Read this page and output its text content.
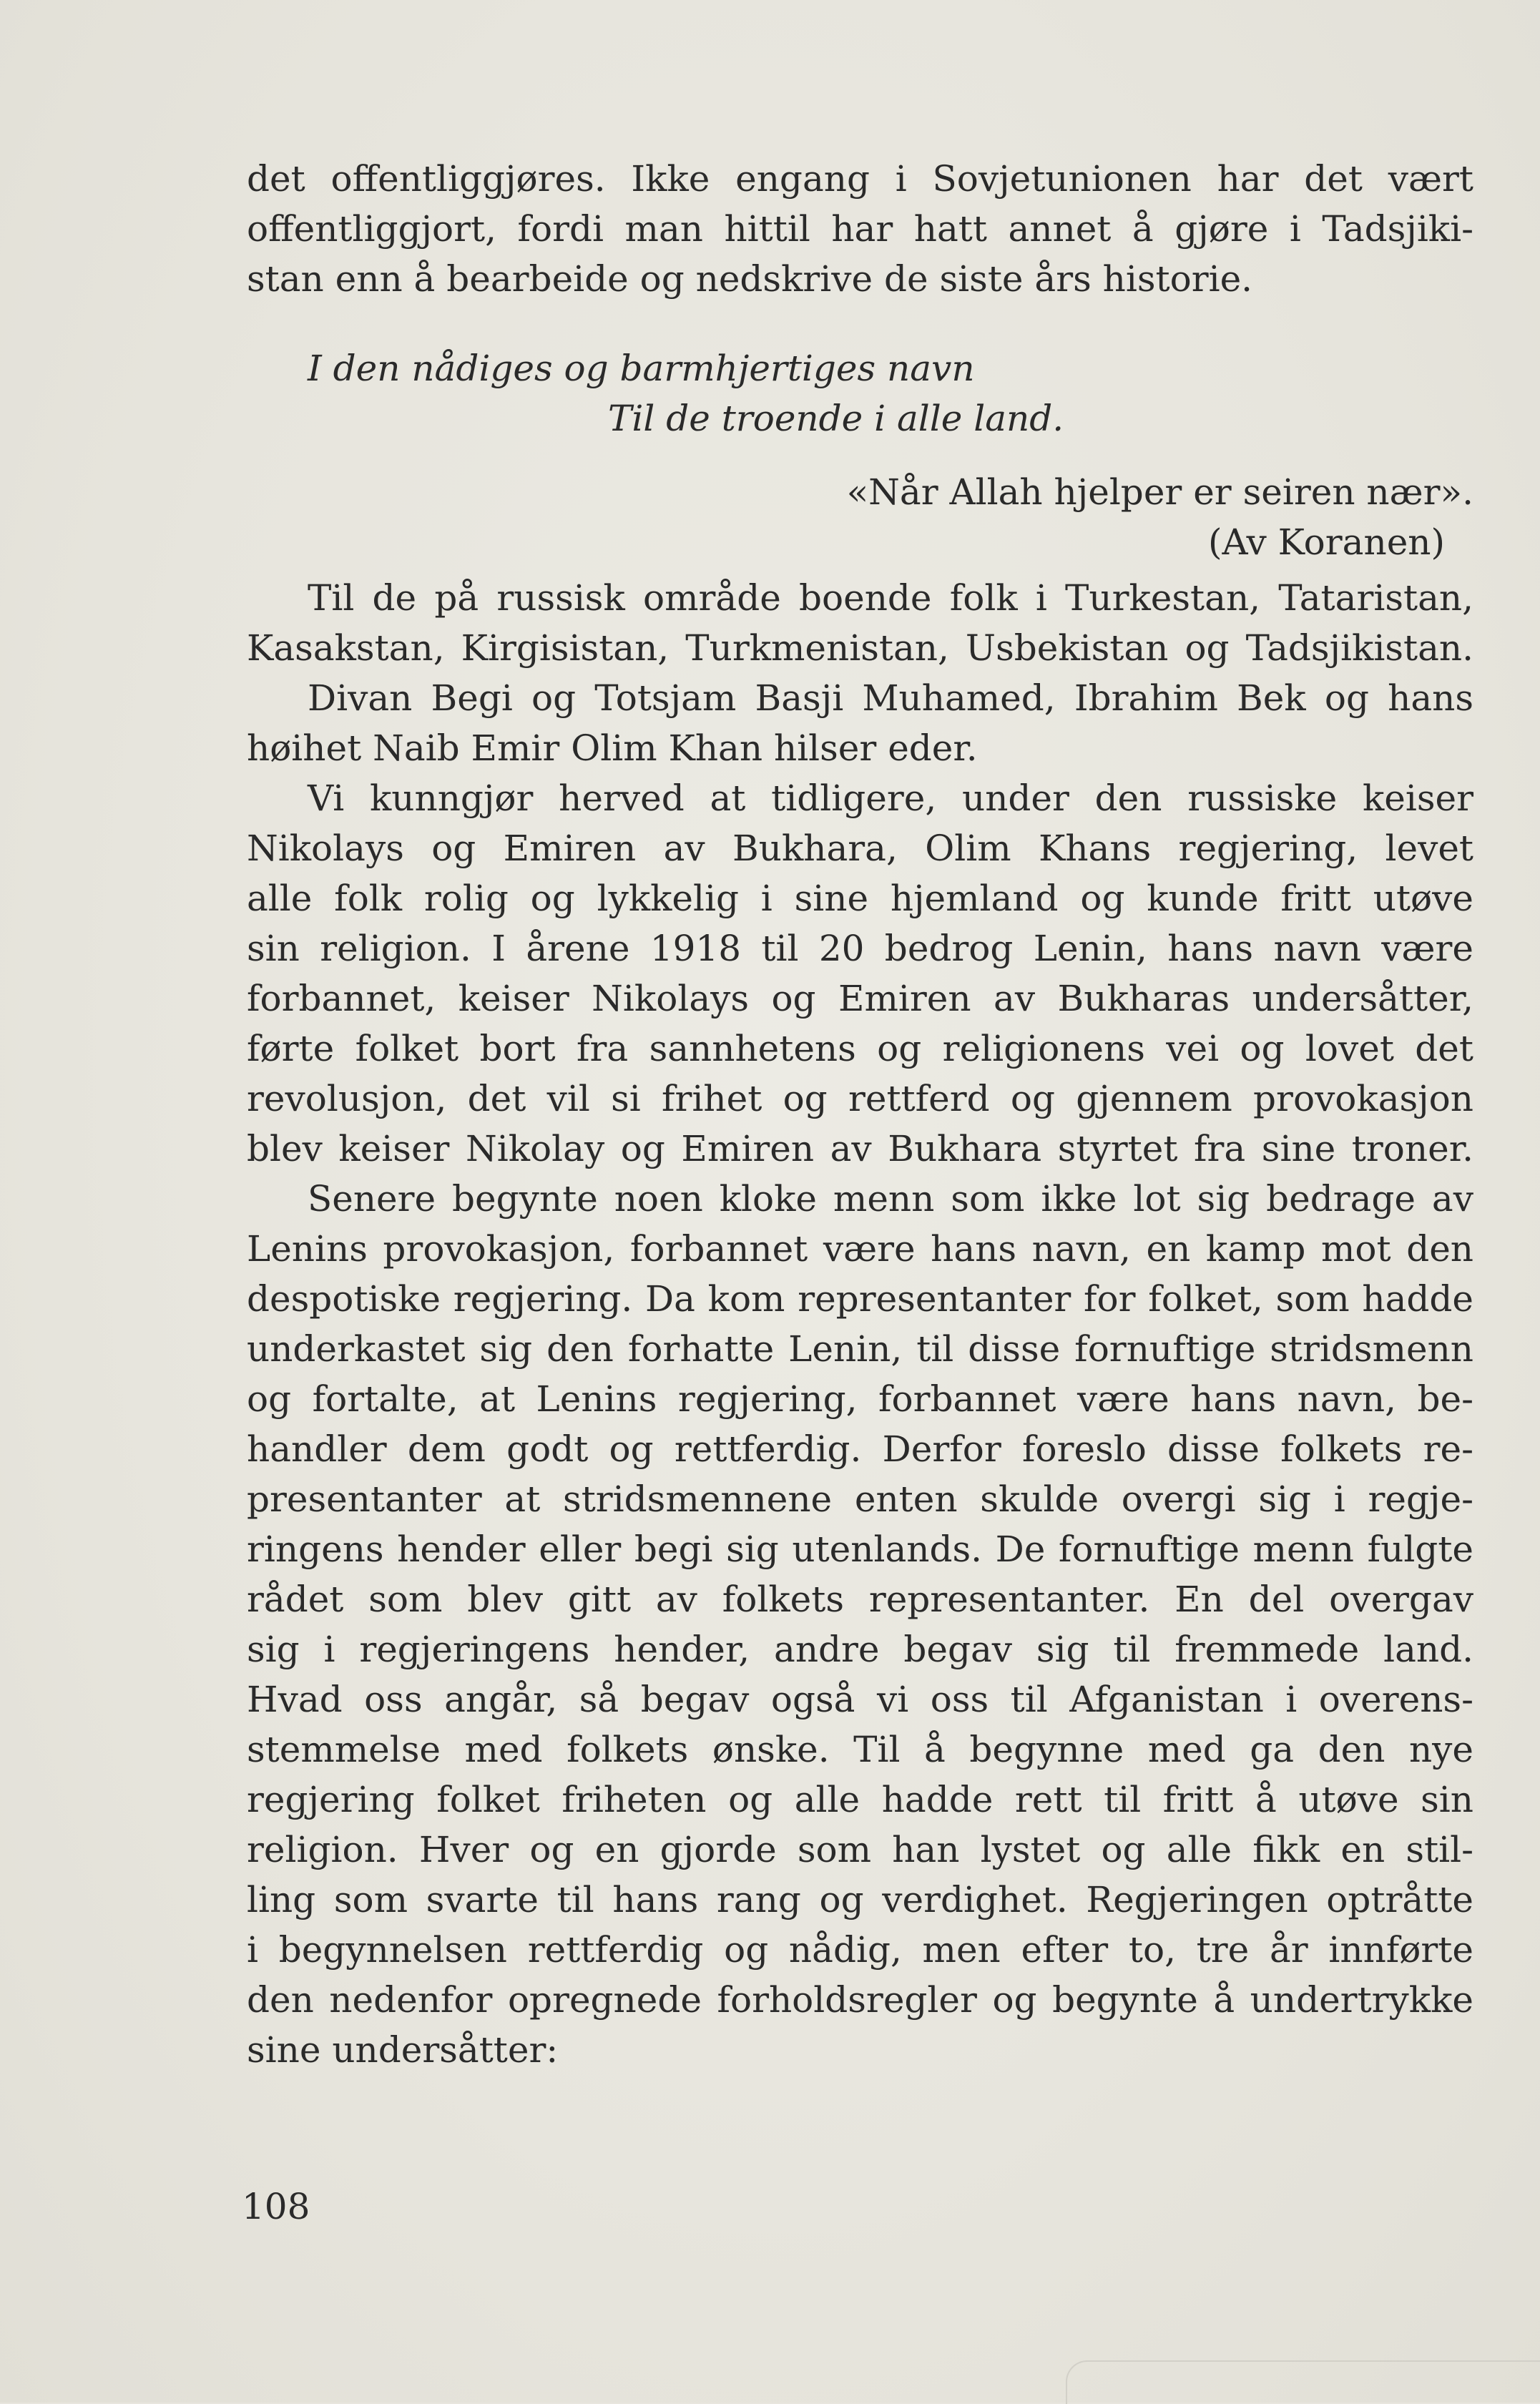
det offentliggjøres. Ikke engang i Sovjetunionen har det vært
offentliggjort, fordi man hittil har hatt annet å gjøre i Tadsjiki-
stan enn å bearbeide og nedskrive de siste års historie.
I den nådiges og barmhjertiges navn
Til de troende i alle land.
«Når Allah hjelper er seiren nær».
(Av Koranen)
Til de på russisk område boende folk i Turkestan, Tataristan,
Kasakstan, Kirgisistan, Turkmenistan, Usbekistan og Tadsjikistan.
Divan Begi og Totsjam Basji Muhamed, Ibrahim Bek og hans
høihet Naib Emir Olim Khan hilser eder.
Vi kunngjør herved at tidligere, under den russiske keiser
Nikolays og Emiren av Bukhara, Olim Khans regjering, levet
alle folk rolig og lykkelig i sine hjemland og kunde fritt utøve
sin religion. I årene 1918 til 20 bedrog Lenin, hans navn være
forbannet, keiser Nikolays og Emiren av Bukharas undersåtter,
førte folket bort fra sannhetens og religionens vei og lovet det
revolusjon, det vil si frihet og rettferd og gjennem provokasjon
blev keiser Nikolay og Emiren av Bukhara styrtet fra sine troner.
Senere begynte noen kloke menn som ikke lot sig bedrage av
Lenins provokasjon, forbannet være hans navn, en kamp mot den
despotiske regjering. Da kom representanter for folket, som hadde
underkastet sig den forhatte Lenin, til disse fornuftige stridsmenn
og fortalte, at Lenins regjering, forbannet være hans navn, be-
handler dem godt og rettferdig. Derfor foreslo disse folkets re-
presentanter at stridsmennene enten skulde overgi sig i regje-
ringens hender eller begi sig utenlands. De fornuftige menn fulgte
rådet som blev gitt av folkets representanter. En del overgav
sig i regjeringens hender, andre begav sig til fremmede land.
Hvad oss angår, så begav også vi oss til Afganistan i overens-
stemmelse med folkets ønske. Til å begynne med ga den nye
regjering folket friheten og alle hadde rett til fritt å utøve sin
religion. Hver og en gjorde som han lystet og alle fikk en stil-
ling som svarte til hans rang og verdighet. Regjeringen optråtte
i begynnelsen rettferdig og nådig, men efter to, tre år innførte
den nedenfor opregnede forholdsregler og begynte å undertrykke
sine undersåtter:
108
